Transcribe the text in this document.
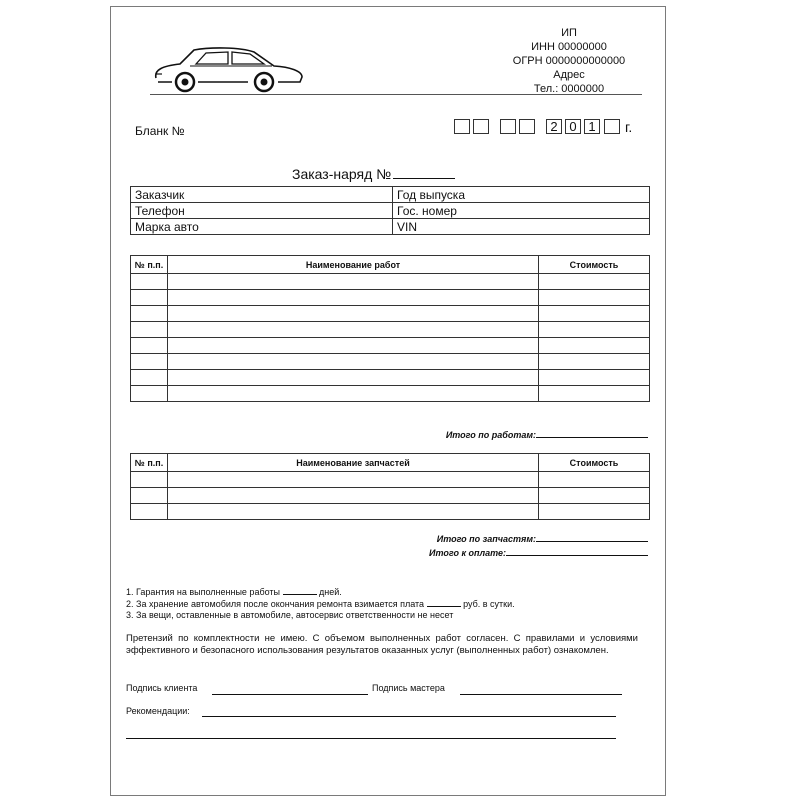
ИП
ИНН 00000000
ОГРН 0000000000000
Адрес
Тел.: 0000000
Бланк №	2 0 1	г.
Заказ-наряд №
Заказчик	Год выпуска
Телефон	Гос. номер
Марка авто	VIN
№ п.п.	Наименование работ	Стоимость

Итого по работам:
№ п.п.	Наименование запчастей	Стоимость

Итого по запчастям:
Итого к оплате:
1. Гарантия на выполненные работы	дней.
2. За хранение автомобиля после окончания ремонта взимается плата	руб. в сутки.
3. За вещи, оставленные в автомобиле, автосервис ответственности не несет
Претензий по комплектности не имею. С объемом выполненных работ согласен. С правилами и условиями эффективного и безопасного использования результатов оказанных услуг (выполненных работ) ознакомлен.
Подпись клиента	Подпись мастера
Рекомендации:
